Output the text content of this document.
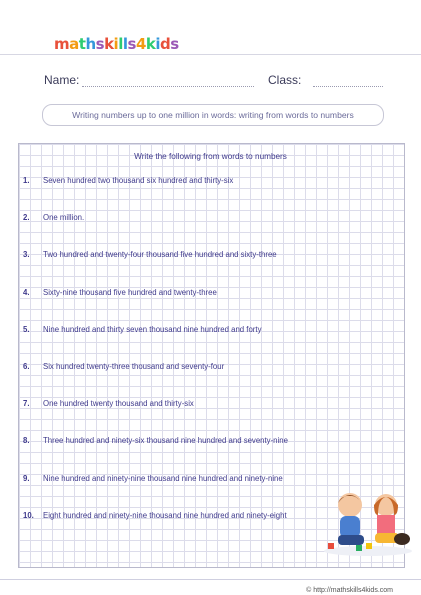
mathskills4kids
Name:	Class:
Writing numbers up to one million in words: writing from words to numbers
Write the following from words to numbers
1. Seven hundred two thousand six hundred and thirty-six
2. One million.
3. Two hundred and twenty-four thousand five hundred and sixty-three
4. Sixty-nine thousand five hundred and twenty-three
5. Nine hundred and thirty seven thousand nine hundred and forty
6. Six hundred twenty-three thousand and seventy-four
7. One hundred twenty thousand and thirty-six
8. Three hundred and ninety-six thousand nine hundred and seventy-nine
9. Nine hundred and ninety-nine thousand nine hundred and ninety-nine
10. Eight hundred and ninety-nine thousand nine hundred and ninety-eight
© http://mathskills4kids.com
